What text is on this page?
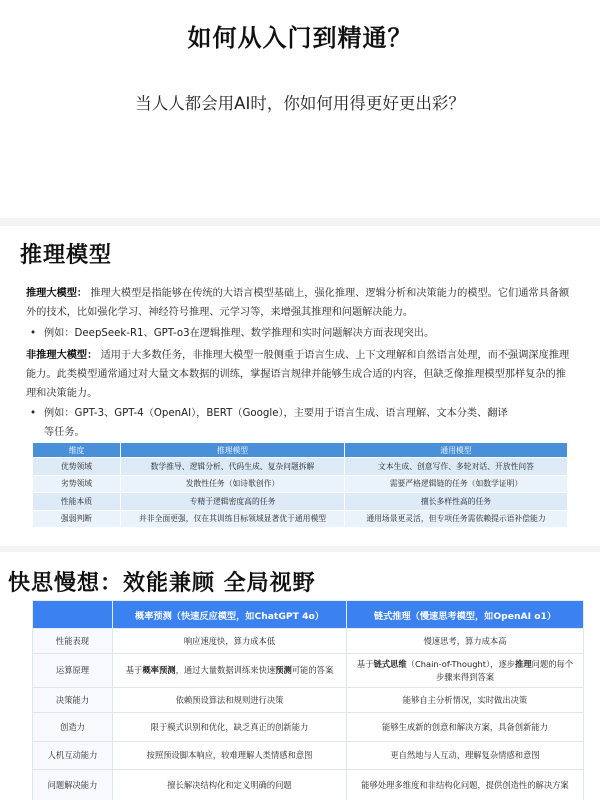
如何从入门到精通？
当人人都会用AI时，你如何用得更好更出彩？
推理模型
推理大模型： 推理大模型是指能够在传统的大语言模型基础上，强化推理、逻辑分析和决策能力的模型。它们通常具备额外的技术，比如强化学习、神经符号推理、元学习等，来增强其推理和问题解决能力。
• 例如：DeepSeek-R1、GPT-o3在逻辑推理、数学推理和实时问题解决方面表现突出。
非推理大模型： 适用于大多数任务，非推理大模型一般侧重于语言生成、上下文理解和自然语言处理，而不强调深度推理能力。此类模型通常通过对大量文本数据的训练，掌握语言规律并能够生成合适的内容，但缺乏像推理模型那样复杂的推理和决策能力。
• 例如：GPT-3、GPT-4（OpenAI），BERT（Google），主要用于语言生成、语言理解、文本分类、翻译
等任务。
维度	推理模型	通用模型
优势领域	数学推导、逻辑分析、代码生成、复杂问题拆解	文本生成、创意写作、多轮对话、开放性问答
劣势领域	发散性任务（如诗歌创作）	需要严格逻辑链的任务（如数学证明）
性能本质	专精于逻辑密度高的任务	擅长多样性高的任务
强弱判断	并非全面更强，仅在其训练目标领域显著优于通用模型	通用场景更灵活，但专项任务需依赖提示语补偿能力
快思慢想：效能兼顾 全局视野
	概率预测（快速反应模型，如ChatGPT 4o）	链式推理（慢速思考模型，如OpenAI o1）
性能表现	响应速度快，算力成本低	慢速思考，算力成本高
运算原理	基于概率预测，通过大量数据训练来快速预测可能的答案	基于链式思维（Chain-of-Thought），逐步推理问题的每个步骤来得到答案
决策能力	依赖预设算法和规则进行决策	能够自主分析情况，实时做出决策
创造力	限于模式识别和优化，缺乏真正的创新能力	能够生成新的创意和解决方案，具备创新能力
人机互动能力	按照预设脚本响应，较难理解人类情感和意图	更自然地与人互动，理解复杂情感和意图
问题解决能力	擅长解决结构化和定义明确的问题	能够处理多维度和非结构化问题，提供创造性的解决方案
